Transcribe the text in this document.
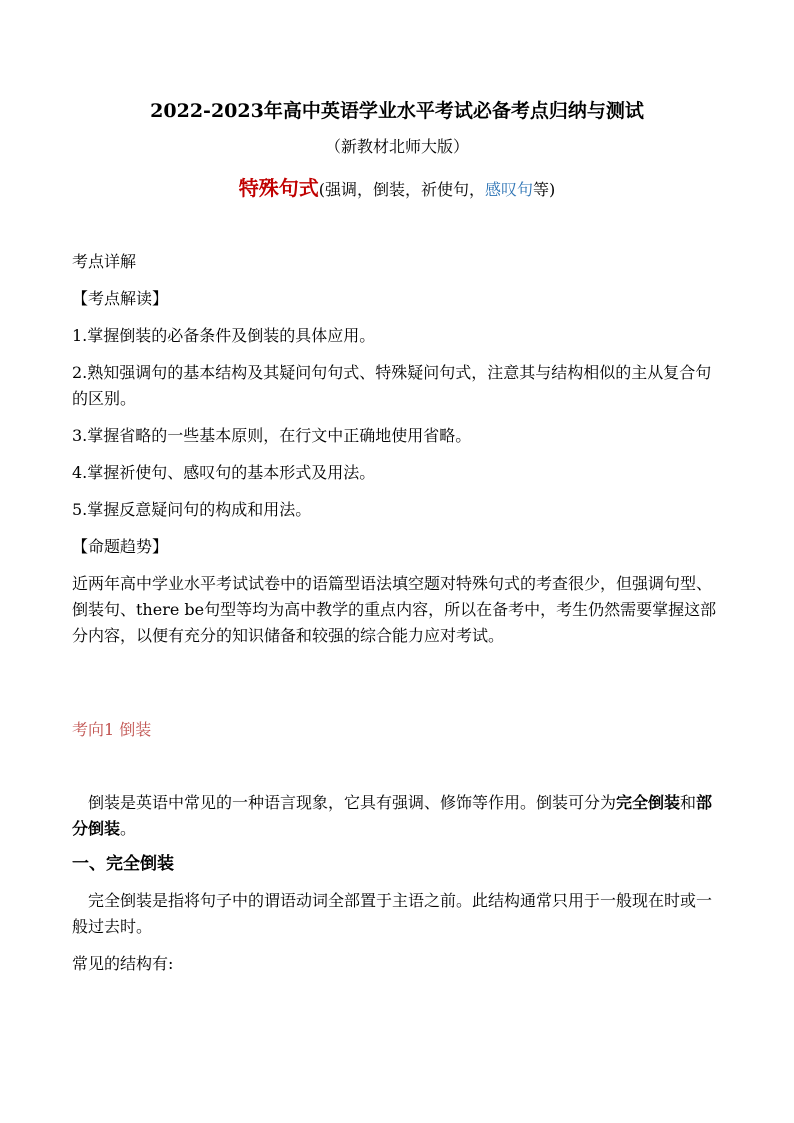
2022-2023年高中英语学业水平考试必备考点归纳与测试
（新教材北师大版）
特殊句式(强调，倒装，祈使句，感叹句等)
考点详解
【考点解读】
1.掌握倒装的必备条件及倒装的具体应用。
2.熟知强调句的基本结构及其疑问句句式、特殊疑问句式，注意其与结构相似的主从复合句的区别。
3.掌握省略的一些基本原则，在行文中正确地使用省略。
4.掌握祈使句、感叹句的基本形式及用法。
5.掌握反意疑问句的构成和用法。
【命题趋势】
近两年高中学业水平考试试卷中的语篇型语法填空题对特殊句式的考查很少，但强调句型、倒装句、there be句型等均为高中教学的重点内容，所以在备考中，考生仍然需要掌握这部分内容，以便有充分的知识储备和较强的综合能力应对考试。
考向1 倒装
倒装是英语中常见的一种语言现象，它具有强调、修饰等作用。倒装可分为完全倒装和部分倒装。
一、完全倒装
完全倒装是指将句子中的谓语动词全部置于主语之前。此结构通常只用于一般现在时或一般过去时。
常见的结构有:
